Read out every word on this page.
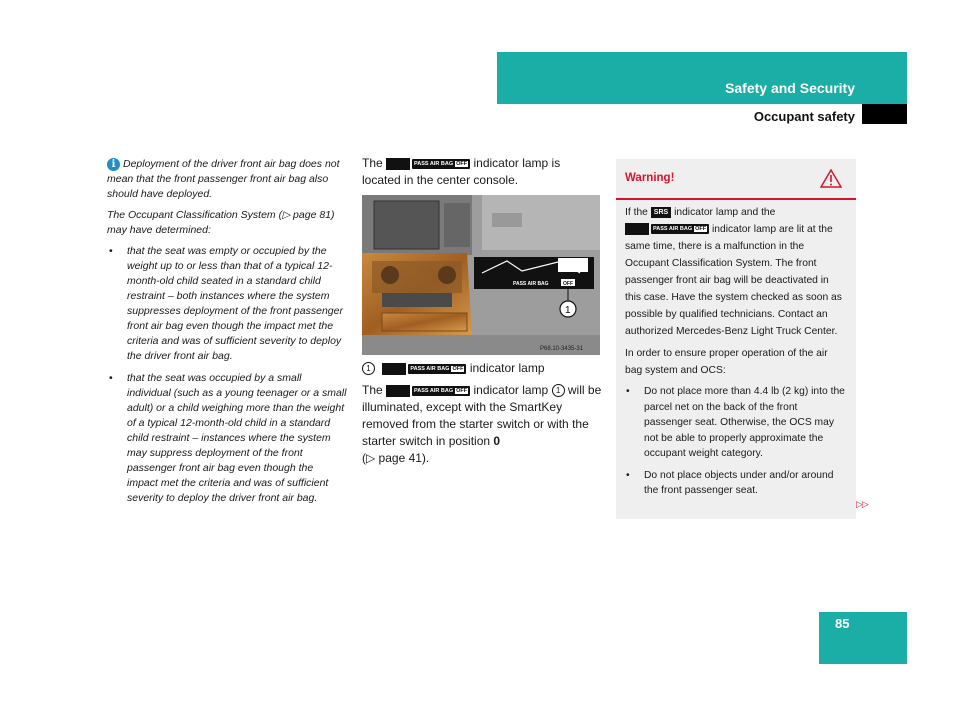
Safety and Security
Occupant safety

i Deployment of the driver front air bag does not mean that the front passenger front air bag also should have deployed.

The Occupant Classification System (▷ page 81) may have determined:

• that the seat was empty or occupied by the weight up to or less than that of a typical 12-month-old child seated in a standard child restraint – both instances where the system suppresses deployment of the front passenger front air bag even though the impact met the criteria and was of sufficient severity to deploy the driver front air bag.
• that the seat was occupied by a small individual (such as a young teenager or a small adult) or a child weighing more than the weight of a typical 12-month-old child in a standard child restraint – instances where the system may suppress deployment of the front passenger front air bag even though the impact met the criteria and was of sufficient severity to deploy the driver front air bag.

The	PASS AIR BAG OFF indicator lamp is located in the center console.

PASS AIR BAG	OFF
1
P68.10-3435-31

1	PASS AIR BAG OFF indicator lamp

The	PASS AIR BAG OFF indicator lamp 1 will be illuminated, except with the SmartKey removed from the starter switch or with the starter switch in position 0
(▷ page 41).

Warning!

If the SRS indicator lamp and the
PASS AIR BAG OFF indicator lamp are lit at the same time, there is a malfunction in the Occupant Classification System. The front passenger front air bag will be deactivated in this case. Have the system checked as soon as possible by qualified technicians. Contact an authorized Mercedes-Benz Light Truck Center.

In order to ensure proper operation of the air bag system and OCS:

• Do not place more than 4.4 lb (2 kg) into the parcel net on the back of the front passenger seat. Otherwise, the OCS may not be able to properly approximate the occupant weight category.
• Do not place objects under and/or around the front passenger seat.
▷▷
85
